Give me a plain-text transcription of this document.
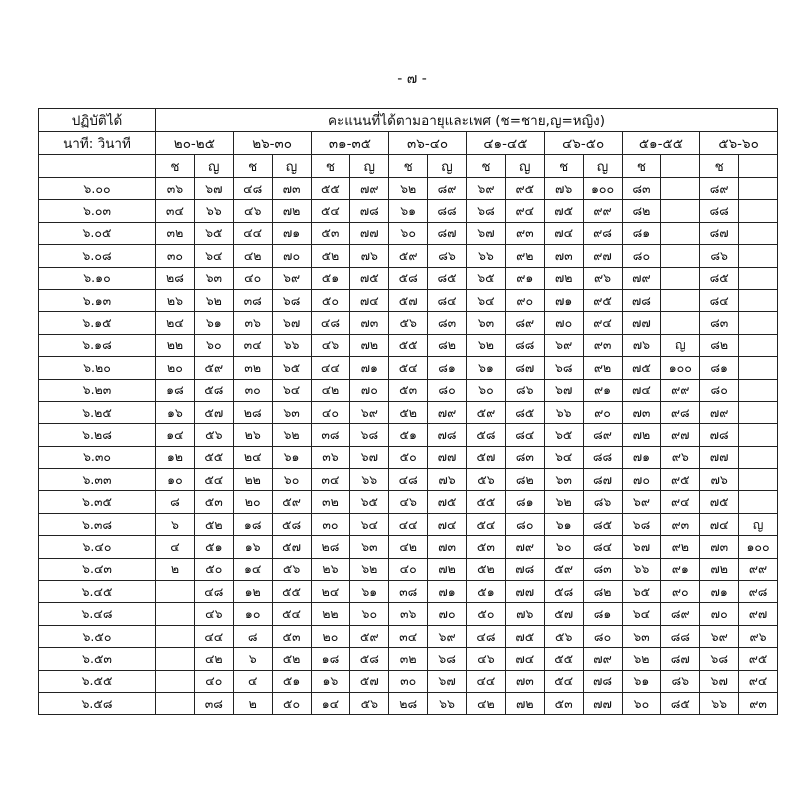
- ๗ -
ปฏิบัติได้	คะแนนที่ได้ตามอายุและเพศ (ช=ชาย,ญ=หญิง)															
นาที: วินาที	๒๐-๒๕		๒๖-๓๐		๓๑-๓๕		๓๖-๔๐		๔๑-๔๕		๔๖-๕๐		๕๑-๕๕		๕๖-๖๐	
	ช	ญ	ช	ญ	ช	ญ	ช	ญ	ช	ญ	ช	ญ	ช		ช	
๖.๐๐	๓๖	๖๗	๔๘	๗๓	๕๕	๗๙	๖๒	๘๙	๖๙	๙๕	๗๖	๑๐๐	๘๓		๘๙	
๖.๐๓	๓๔	๖๖	๔๖	๗๒	๕๔	๗๘	๖๑	๘๘	๖๘	๙๔	๗๕	๙๙	๘๒		๘๘	
๖.๐๕	๓๒	๖๕	๔๔	๗๑	๕๓	๗๗	๖๐	๘๗	๖๗	๙๓	๗๔	๙๘	๘๑		๘๗	
๖.๐๘	๓๐	๖๔	๔๒	๗๐	๕๒	๗๖	๕๙	๘๖	๖๖	๙๒	๗๓	๙๗	๘๐		๘๖	
๖.๑๐	๒๘	๖๓	๔๐	๖๙	๕๑	๗๕	๕๘	๘๕	๖๕	๙๑	๗๒	๙๖	๗๙		๘๕	
๖.๑๓	๒๖	๖๒	๓๘	๖๘	๕๐	๗๔	๕๗	๘๔	๖๔	๙๐	๗๑	๙๕	๗๘		๘๔	
๖.๑๕	๒๔	๖๑	๓๖	๖๗	๔๘	๗๓	๕๖	๘๓	๖๓	๘๙	๗๐	๙๔	๗๗		๘๓	
๖.๑๘	๒๒	๖๐	๓๔	๖๖	๔๖	๗๒	๕๕	๘๒	๖๒	๘๘	๖๙	๙๓	๗๖	ญ	๘๒	
๖.๒๐	๒๐	๕๙	๓๒	๖๕	๔๔	๗๑	๕๔	๘๑	๖๑	๘๗	๖๘	๙๒	๗๕	๑๐๐	๘๑	
๖.๒๓	๑๘	๕๘	๓๐	๖๔	๔๒	๗๐	๕๓	๘๐	๖๐	๘๖	๖๗	๙๑	๗๔	๙๙	๘๐	
๖.๒๕	๑๖	๕๗	๒๘	๖๓	๔๐	๖๙	๕๒	๗๙	๕๙	๘๕	๖๖	๙๐	๗๓	๙๘	๗๙	
๖.๒๘	๑๔	๕๖	๒๖	๖๒	๓๘	๖๘	๕๑	๗๘	๕๘	๘๔	๖๕	๘๙	๗๒	๙๗	๗๘	
๖.๓๐	๑๒	๕๕	๒๔	๖๑	๓๖	๖๗	๕๐	๗๗	๕๗	๘๓	๖๔	๘๘	๗๑	๙๖	๗๗	
๖.๓๓	๑๐	๕๔	๒๒	๖๐	๓๔	๖๖	๔๘	๗๖	๕๖	๘๒	๖๓	๘๗	๗๐	๙๕	๗๖	
๖.๓๕	๘	๕๓	๒๐	๕๙	๓๒	๖๕	๔๖	๗๕	๕๕	๘๑	๖๒	๘๖	๖๙	๙๔	๗๕	
๖.๓๘	๖	๕๒	๑๘	๕๘	๓๐	๖๔	๔๔	๗๔	๕๔	๘๐	๖๑	๘๕	๖๘	๙๓	๗๔	ญ
๖.๔๐	๔	๕๑	๑๖	๕๗	๒๘	๖๓	๔๒	๗๓	๕๓	๗๙	๖๐	๘๔	๖๗	๙๒	๗๓	๑๐๐
๖.๔๓	๒	๕๐	๑๔	๕๖	๒๖	๖๒	๔๐	๗๒	๕๒	๗๘	๕๙	๘๓	๖๖	๙๑	๗๒	๙๙
๖.๔๕		๔๘	๑๒	๕๕	๒๔	๖๑	๓๘	๗๑	๕๑	๗๗	๕๘	๘๒	๖๕	๙๐	๗๑	๙๘
๖.๔๘		๔๖	๑๐	๕๔	๒๒	๖๐	๓๖	๗๐	๕๐	๗๖	๕๗	๘๑	๖๔	๘๙	๗๐	๙๗
๖.๕๐		๔๔	๘	๕๓	๒๐	๕๙	๓๔	๖๙	๔๘	๗๕	๕๖	๘๐	๖๓	๘๘	๖๙	๙๖
๖.๕๓		๔๒	๖	๕๒	๑๘	๕๘	๓๒	๖๘	๔๖	๗๔	๕๕	๗๙	๖๒	๘๗	๖๘	๙๕
๖.๕๕		๔๐	๔	๕๑	๑๖	๕๗	๓๐	๖๗	๔๔	๗๓	๕๔	๗๘	๖๑	๘๖	๖๗	๙๔
๖.๕๘		๓๘	๒	๕๐	๑๔	๕๖	๒๘	๖๖	๔๒	๗๒	๕๓	๗๗	๖๐	๘๕	๖๖	๙๓
